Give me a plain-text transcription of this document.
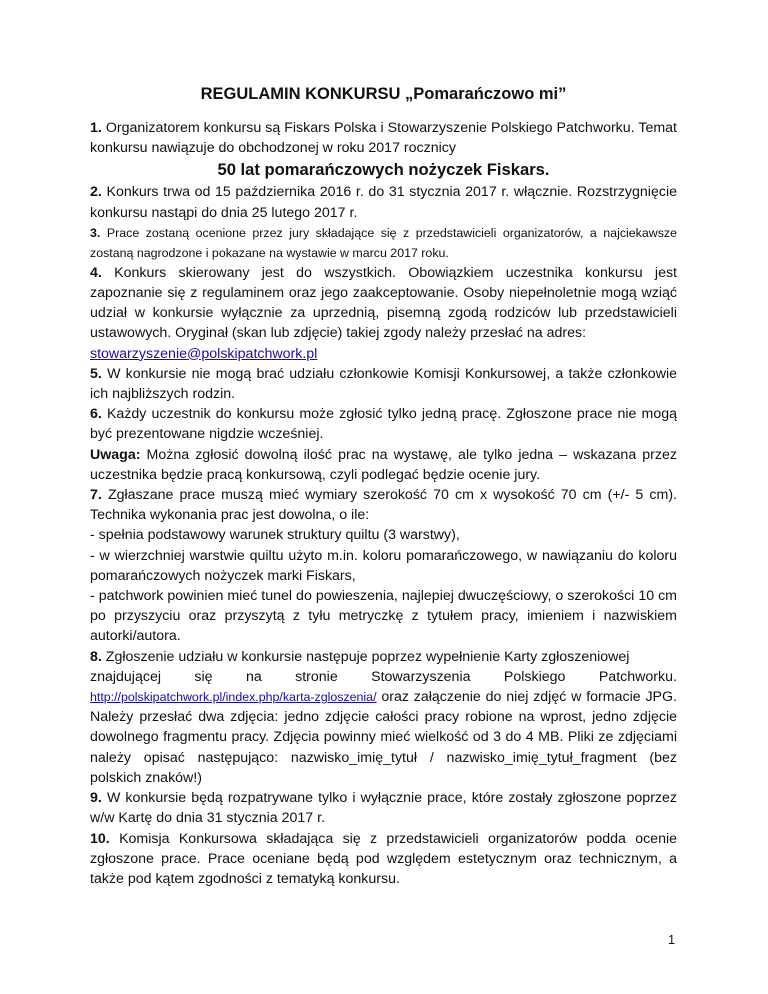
REGULAMIN KONKURSU „Pomarańczowo mi”

1. Organizatorem konkursu są Fiskars Polska i Stowarzyszenie Polskiego Patchworku. Temat konkursu nawiązuje do obchodzonej w roku 2017 rocznicy

50 lat pomarańczowych nożyczek Fiskars.

2. Konkurs trwa od 15 października 2016 r. do 31 stycznia 2017 r. włącznie. Rozstrzygnięcie konkursu nastąpi do dnia 25 lutego 2017 r.

3. Prace zostaną ocenione przez jury składające się z przedstawicieli organizatorów, a najciekawsze zostaną nagrodzone i pokazane na wystawie w marcu 2017 roku.

4. Konkurs skierowany jest do wszystkich. Obowiązkiem uczestnika konkursu jest zapoznanie się z regulaminem oraz jego zaakceptowanie. Osoby niepełnoletnie mogą wziąć udział w konkursie wyłącznie za uprzednią, pisemną zgodą rodziców lub przedstawicieli ustawowych. Oryginał (skan lub zdjęcie) takiej zgody należy przesłać na adres:
stowarzyszenie@polskipatchwork.pl

5. W konkursie nie mogą brać udziału członkowie Komisji Konkursowej, a także członkowie ich najbliższych rodzin.

6. Każdy uczestnik do konkursu może zgłosić tylko jedną pracę. Zgłoszone prace nie mogą być prezentowane nigdzie wcześniej.

Uwaga: Można zgłosić dowolną ilość prac na wystawę, ale tylko jedna – wskazana przez uczestnika będzie pracą konkursową, czyli podlegać będzie ocenie jury.

7. Zgłaszane prace muszą mieć wymiary szerokość 70 cm x wysokość 70 cm (+/- 5 cm). Technika wykonania prac jest dowolna, o ile:

- spełnia podstawowy warunek struktury quiltu (3 warstwy),

- w wierzchniej warstwie quiltu użyto m.in. koloru pomarańczowego, w nawiązaniu do koloru pomarańczowych nożyczek marki Fiskars,

- patchwork powinien mieć tunel do powieszenia, najlepiej dwuczęściowy, o szerokości 10 cm po przyszyciu oraz przyszytą z tyłu metryczkę z tytułem pracy, imieniem i nazwiskiem autorki/autora.

8. Zgłoszenie udziału w konkursie następuje poprzez wypełnienie Karty zgłoszeniowej
znajdującej się na stronie Stowarzyszenia Polskiego Patchworku.
http://polskipatchwork.pl/index.php/karta-zgloszenia/ oraz załączenie do niej zdjęć w formacie JPG. Należy przesłać dwa zdjęcia: jedno zdjęcie całości pracy robione na wprost, jedno zdjęcie dowolnego fragmentu pracy. Zdjęcia powinny mieć wielkość od 3 do 4 MB. Pliki ze zdjęciami należy opisać następująco: nazwisko_imię_tytuł / nazwisko_imię_tytuł_fragment (bez polskich znaków!)

9. W konkursie będą rozpatrywane tylko i wyłącznie prace, które zostały zgłoszone poprzez w/w Kartę do dnia 31 stycznia 2017 r.

10. Komisja Konkursowa składająca się z przedstawicieli organizatorów podda ocenie zgłoszone prace. Prace oceniane będą pod względem estetycznym oraz technicznym, a także pod kątem zgodności z tematyką konkursu.

1
